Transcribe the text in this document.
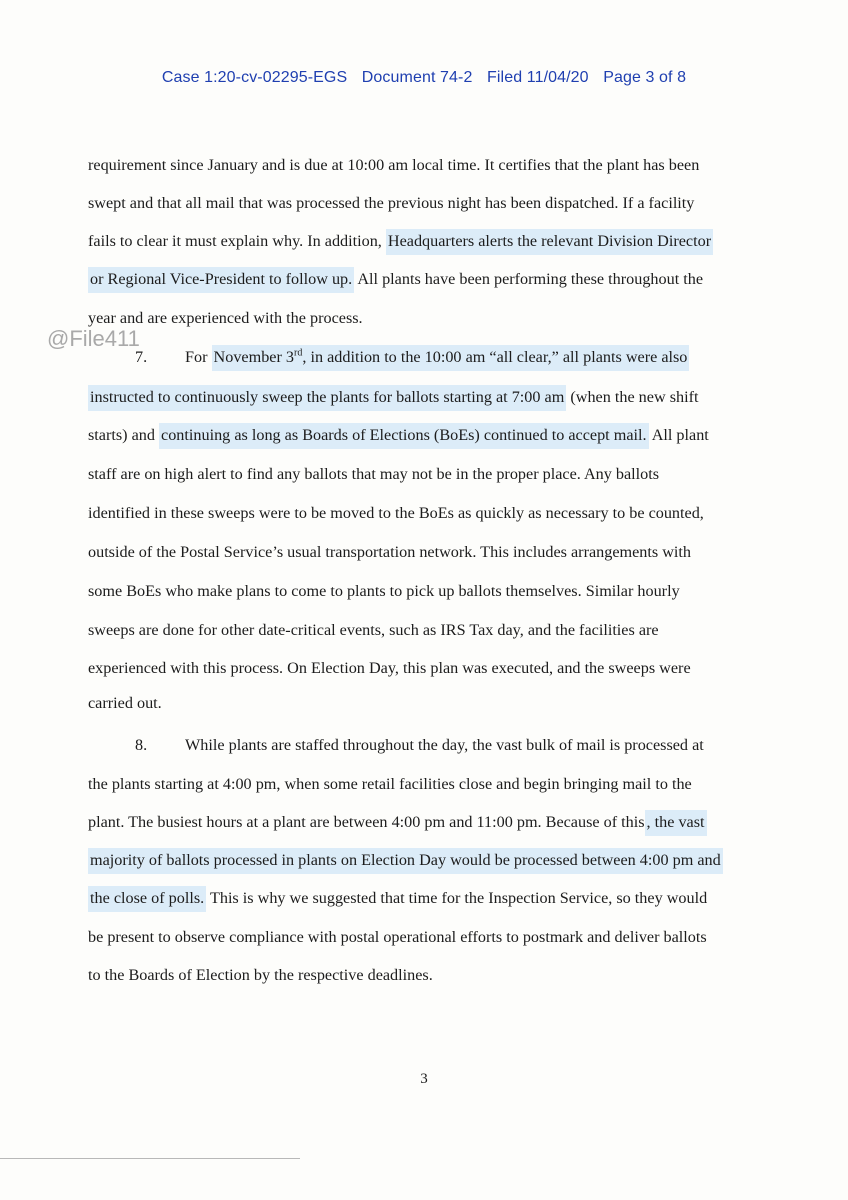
Case 1:20-cv-02295-EGS Document 74-2 Filed 11/04/20 Page 3 of 8
@File411
requirement since January and is due at 10:00 am local time. It certifies that the plant has been
swept and that all mail that was processed the previous night has been dispatched. If a facility
fails to clear it must explain why. In addition, Headquarters alerts the relevant Division Director
or Regional Vice-President to follow up. All plants have been performing these throughout the
year and are experienced with the process.
7. For November 3rd, in addition to the 10:00 am “all clear,” all plants were also
instructed to continuously sweep the plants for ballots starting at 7:00 am (when the new shift
starts) and continuing as long as Boards of Elections (BoEs) continued to accept mail. All plant
staff are on high alert to find any ballots that may not be in the proper place. Any ballots
identified in these sweeps were to be moved to the BoEs as quickly as necessary to be counted,
outside of the Postal Service’s usual transportation network. This includes arrangements with
some BoEs who make plans to come to plants to pick up ballots themselves. Similar hourly
sweeps are done for other date-critical events, such as IRS Tax day, and the facilities are
experienced with this process. On Election Day, this plan was executed, and the sweeps were
carried out.
8. While plants are staffed throughout the day, the vast bulk of mail is processed at
the plants starting at 4:00 pm, when some retail facilities close and begin bringing mail to the
plant. The busiest hours at a plant are between 4:00 pm and 11:00 pm. Because of this , the vast
majority of ballots processed in plants on Election Day would be processed between 4:00 pm and
the close of polls. This is why we suggested that time for the Inspection Service, so they would
be present to observe compliance with postal operational efforts to postmark and deliver ballots
to the Boards of Election by the respective deadlines.
3
